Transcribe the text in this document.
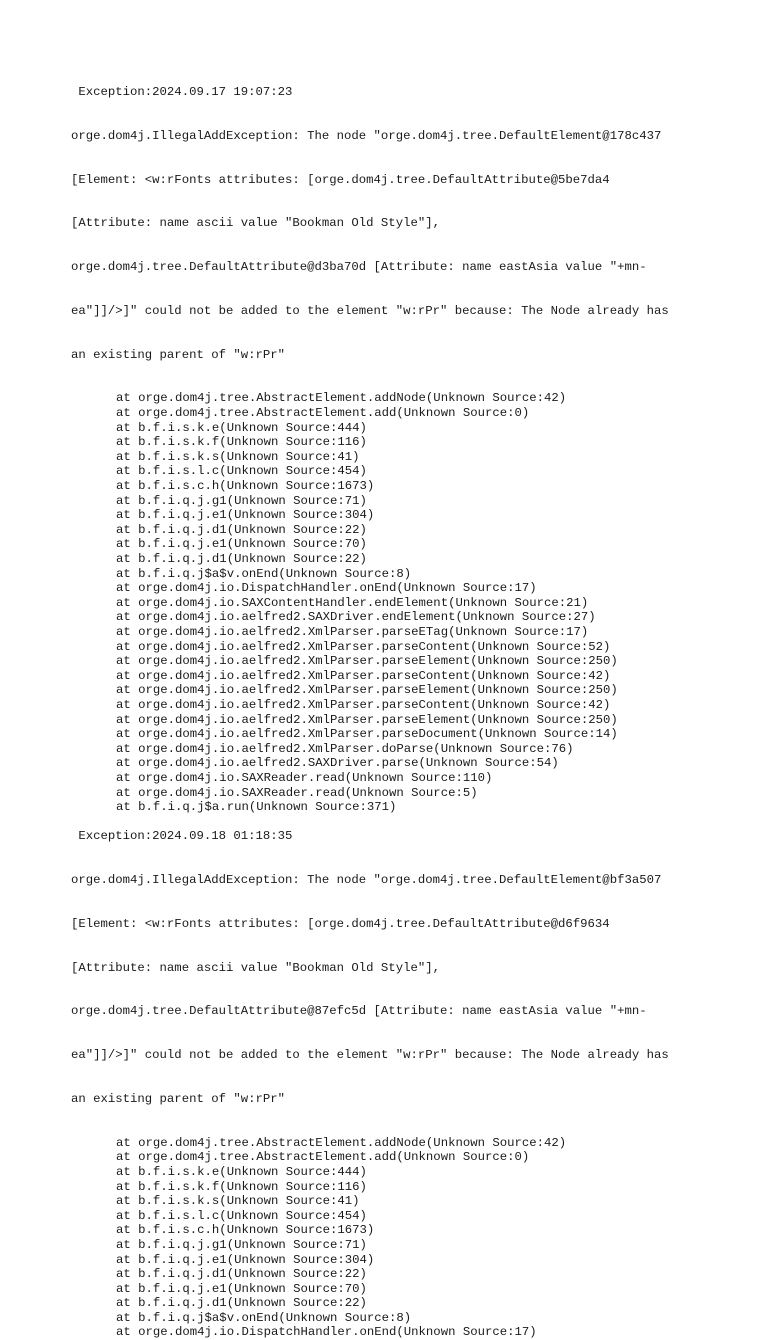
Exception:2024.09.17 19:07:23

orge.dom4j.IllegalAddException: The node "orge.dom4j.tree.DefaultElement@178c437

[Element: <w:rFonts attributes: [orge.dom4j.tree.DefaultAttribute@5be7da4

[Attribute: name ascii value "Bookman Old Style"],

orge.dom4j.tree.DefaultAttribute@d3ba70d [Attribute: name eastAsia value "+mn-

ea"]]/>]" could not be added to the element "w:rPr" because: The Node already has

an existing parent of "w:rPr"

at orge.dom4j.tree.AbstractElement.addNode(Unknown Source:42)
at orge.dom4j.tree.AbstractElement.add(Unknown Source:0)
at b.f.i.s.k.e(Unknown Source:444)
at b.f.i.s.k.f(Unknown Source:116)
at b.f.i.s.k.s(Unknown Source:41)
at b.f.i.s.l.c(Unknown Source:454)
at b.f.i.s.c.h(Unknown Source:1673)
at b.f.i.q.j.g1(Unknown Source:71)
at b.f.i.q.j.e1(Unknown Source:304)
at b.f.i.q.j.d1(Unknown Source:22)
at b.f.i.q.j.e1(Unknown Source:70)
at b.f.i.q.j.d1(Unknown Source:22)
at b.f.i.q.j$a$v.onEnd(Unknown Source:8)
at orge.dom4j.io.DispatchHandler.onEnd(Unknown Source:17)
at orge.dom4j.io.SAXContentHandler.endElement(Unknown Source:21)
at orge.dom4j.io.aelfred2.SAXDriver.endElement(Unknown Source:27)
at orge.dom4j.io.aelfred2.XmlParser.parseETag(Unknown Source:17)
at orge.dom4j.io.aelfred2.XmlParser.parseContent(Unknown Source:52)
at orge.dom4j.io.aelfred2.XmlParser.parseElement(Unknown Source:250)
at orge.dom4j.io.aelfred2.XmlParser.parseContent(Unknown Source:42)
at orge.dom4j.io.aelfred2.XmlParser.parseElement(Unknown Source:250)
at orge.dom4j.io.aelfred2.XmlParser.parseContent(Unknown Source:42)
at orge.dom4j.io.aelfred2.XmlParser.parseElement(Unknown Source:250)
at orge.dom4j.io.aelfred2.XmlParser.parseDocument(Unknown Source:14)
at orge.dom4j.io.aelfred2.XmlParser.doParse(Unknown Source:76)
at orge.dom4j.io.aelfred2.SAXDriver.parse(Unknown Source:54)
at orge.dom4j.io.SAXReader.read(Unknown Source:110)
at orge.dom4j.io.SAXReader.read(Unknown Source:5)
at b.f.i.q.j$a.run(Unknown Source:371)
Exception:2024.09.18 01:18:35

orge.dom4j.IllegalAddException: The node "orge.dom4j.tree.DefaultElement@bf3a507

[Element: <w:rFonts attributes: [orge.dom4j.tree.DefaultAttribute@d6f9634

[Attribute: name ascii value "Bookman Old Style"],

orge.dom4j.tree.DefaultAttribute@87efc5d [Attribute: name eastAsia value "+mn-

ea"]]/>]" could not be added to the element "w:rPr" because: The Node already has

an existing parent of "w:rPr"

at orge.dom4j.tree.AbstractElement.addNode(Unknown Source:42)
at orge.dom4j.tree.AbstractElement.add(Unknown Source:0)
at b.f.i.s.k.e(Unknown Source:444)
at b.f.i.s.k.f(Unknown Source:116)
at b.f.i.s.k.s(Unknown Source:41)
at b.f.i.s.l.c(Unknown Source:454)
at b.f.i.s.c.h(Unknown Source:1673)
at b.f.i.q.j.g1(Unknown Source:71)
at b.f.i.q.j.e1(Unknown Source:304)
at b.f.i.q.j.d1(Unknown Source:22)
at b.f.i.q.j.e1(Unknown Source:70)
at b.f.i.q.j.d1(Unknown Source:22)
at b.f.i.q.j$a$v.onEnd(Unknown Source:8)
at orge.dom4j.io.DispatchHandler.onEnd(Unknown Source:17)
